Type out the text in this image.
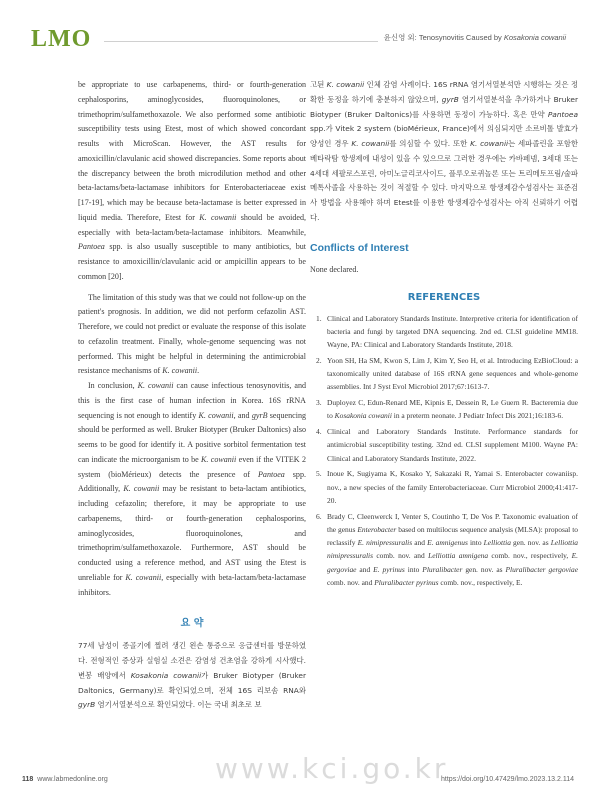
LMO	윤신영 외: Tenosynovitis Caused by Kosakonia cowanii

be appropriate to use carbapenems, third- or fourth-generation cephalosporins, aminoglycosides, fluoroquinolones, or trimethoprim/sulfamethoxazole. We also performed some antibiotic susceptibility tests using Etest, most of which showed concordant results with MicroScan. However, the AST results for amoxicillin/clavulanic acid showed discrepancies. Some reports about the discrepancy between the broth microdilution method and other beta-lactams/beta-lactamase inhibitors for Enterobacteriaceae exist [17-19], which may be because beta-lactamase is better expressed in liquid media. Therefore, Etest for K. cowanii should be avoided, especially with beta-lactam/beta-lactamase inhibitors. Meanwhile, Pantoea spp. is also usually susceptible to many antibiotics, but resistance to amoxicillin/clavulanic acid or ampicillin appears to be common [20].

The limitation of this study was that we could not follow-up on the patient's prognosis. In addition, we did not perform cefazolin AST. Therefore, we could not predict or evaluate the response of this isolate to cefazolin treatment. Finally, whole-genome sequencing was not performed. This might be helpful in determining the antimicrobial resistance mechanisms of K. cowanii.

In conclusion, K. cowanii can cause infectious tenosynovitis, and this is the first case of human infection in Korea. 16S rRNA sequencing is not enough to identify K. cowanii, and gyrB sequencing should be performed as well. Bruker Biotyper (Bruker Daltonics) also seems to be good for identify it. A positive sorbitol fermentation test can indicate the microorganism to be K. cowanii even if the VITEK 2 system (bioMérieux) detects the presence of Pantoea spp. Additionally, K. cowanii may be resistant to beta-lactam antibiotics, including cefazolin; therefore, it may be appropriate to use carbapenems, third- or fourth-generation cephalosporins, aminoglycosides, fluoroquinolones, and trimethoprim/sulfamethoxazole. Furthermore, AST should be conducted using a reference method, and AST using the Etest is unreliable for K. cowanii, especially with beta-lactam/beta-lactamase inhibitors.

요 약

77세 남성이 종골기에 찔려 생긴 왼손 통증으로 응급센터를 방문하였다. 전형적인 증상과 실험실 소견은 감염성 건초염을 강하게 시사했다. 변봉 배양에서 Kosakonia cowanii가 Bruker Biotyper (Bruker Daltonics, Germany)로 확인되었으며, 전체 16S 리보솜 RNA와 gyrB 염기서열분석으로 확인되었다. 이는 국내 최초로 보

고된 K. cowanii 인체 감염 사례이다. 16S rRNA 염기서열분석만 시행하는 것은 정확한 동정을 하기에 충분하지 않았으며, gyrB 염기서열분석을 추가하거나 Bruker Biotyper (Bruker Daltonics)를 사용하면 동정이 가능하다. 혹은 만약 Pantoea spp.가 Vitek 2 system (bioMérieux, France)에서 의심되지만 소르비톨 발효가 양성인 경우 K. cowanii를 의심할 수 있다. 또한 K. cowanii는 세파졸린을 포함한 베타락탐 항생제에 내성이 있을 수 있으므로 그러한 경우에는 카바페넴, 3세대 또는 4세대 세팔로스포린, 아미노글리코사이드, 플루오로퀴놀론 또는 트리메토프림/술파메톡사졸을 사용하는 것이 적절할 수 있다. 마지막으로 항생제감수성검사는 표준검사 방법을 사용해야 하며 Etest를 이용한 항생제감수성검사는 아직 신뢰하기 어렵다.

Conflicts of Interest

None declared.

REFERENCES

1. Clinical and Laboratory Standards Institute. Interpretive criteria for identification of bacteria and fungi by targeted DNA sequencing. 2nd ed. CLSI guideline MM18. Wayne, PA: Clinical and Laboratory Standards Institute, 2018.
2. Yoon SH, Ha SM, Kwon S, Lim J, Kim Y, Seo H, et al. Introducing EzBioCloud: a taxonomically united database of 16S rRNA gene sequences and whole-genome assemblies. Int J Syst Evol Microbiol 2017;67:1613-7.
3. Duployez C, Edun-Renard ME, Kipnis E, Dessein R, Le Guern R. Bacteremia due to Kosakonia cowanii in a preterm neonate. J Pediatr Infect Dis 2021;16:183-6.
4. Clinical and Laboratory Standards Institute. Performance standards for antimicrobial susceptibility testing. 32nd ed. CLSI supplement M100. Wayne PA: Clinical and Laboratory Standards Institute, 2022.
5. Inoue K, Sugiyama K, Kosako Y, Sakazaki R, Yamai S. Enterobacter cowaniisp. nov., a new species of the family Enterobacteriaceae. Curr Microbiol 2000;41:417-20.
6. Brady C, Cleenwerck I, Venter S, Coutinho T, De Vos P. Taxonomic evaluation of the genus Enterobacter based on multilocus sequence analysis (MLSA): proposal to reclassify E. nimipressuralis and E. amnigenus into Lelliottia gen. nov. as Lelliottia nimipressuralis comb. nov. and Lelliottia amnigena comb. nov., respectively, E. gergoviae and E. pyrinus into Pluralibacter gen. nov. as Pluralibacter gergoviae comb. nov. and Pluralibacter pyrinus comb. nov., respectively, E.
www.kci.go.kr
118 www.labmedonline.org	https://doi.org/10.47429/lmo.2023.13.2.114
